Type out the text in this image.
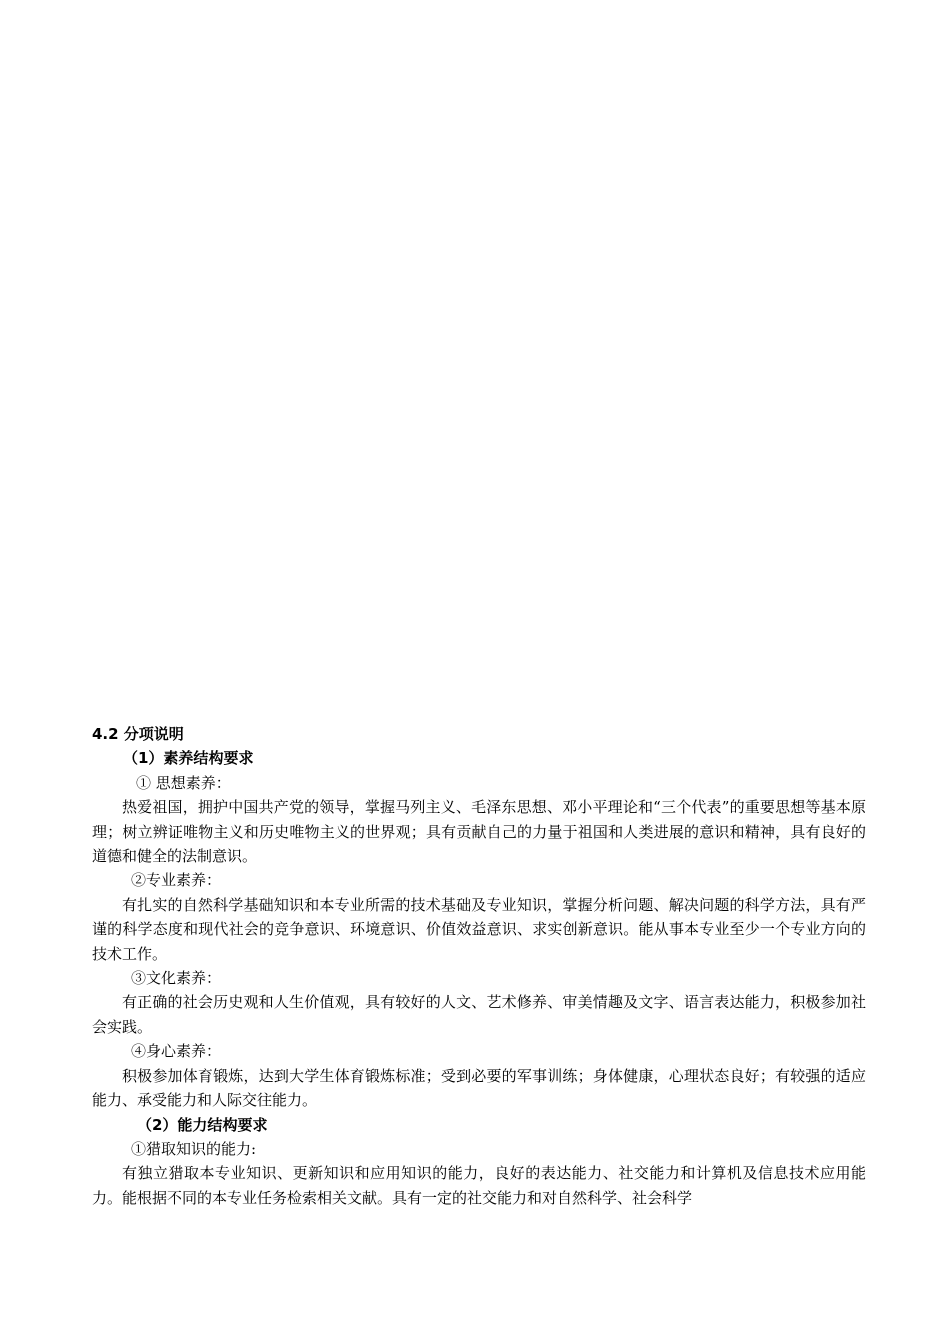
4.2 分项说明

（1）素养结构要求

① 思想素养：

热爱祖国，拥护中国共产党的领导，掌握马列主义、毛泽东思想、邓小平理论和“三个代表”的重要思想等基本原理；树立辨证唯物主义和历史唯物主义的世界观；具有贡献自己的力量于祖国和人类进展的意识和精神，具有良好的道德和健全的法制意识。

②专业素养：

有扎实的自然科学基础知识和本专业所需的技术基础及专业知识，掌握分析问题、解决问题的科学方法，具有严谨的科学态度和现代社会的竞争意识、环境意识、价值效益意识、求实创新意识。能从事本专业至少一个专业方向的技术工作。

③文化素养：

有正确的社会历史观和人生价值观，具有较好的人文、艺术修养、审美情趣及文字、语言表达能力，积极参加社会实践。

④身心素养：

积极参加体育锻炼，达到大学生体育锻炼标准；受到必要的军事训练；身体健康，心理状态良好；有较强的适应能力、承受能力和人际交往能力。

（2）能力结构要求

①猎取知识的能力:

有独立猎取本专业知识、更新知识和应用知识的能力，良好的表达能力、社交能力和计算机及信息技术应用能力。能根据不同的本专业任务检索相关文献。具有一定的社交能力和对自然科学、社会科学
